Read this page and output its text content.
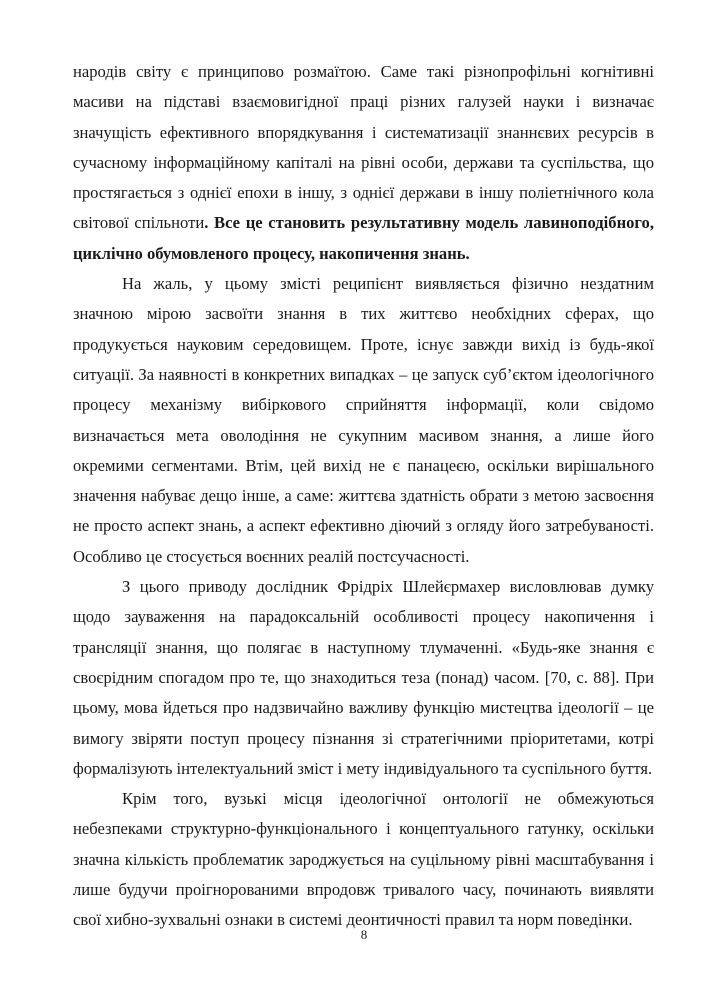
народів світу є принципово розмаїтою. Саме такі різнопрофільні когнітивні масиви на підставі взаємовигідної праці різних галузей науки і визначає значущість ефективного впорядкування і систематизації знаннєвих ресурсів в сучасному інформаційному капіталі на рівні особи, держави та суспільства, що простягається з однієї епохи в іншу, з однієї держави в іншу поліетнічного кола світової спільноти. Все це становить результативну модель лавиноподібного, циклічно обумовленого процесу, накопичення знань.

На жаль, у цьому змісті реципієнт виявляється фізично нездатним значною мірою засвоїти знання в тих життєво необхідних сферах, що продукується науковим середовищем. Проте, існує завжди вихід із будь-якої ситуації. За наявності в конкретних випадках – це запуск суб’єктом ідеологічного процесу механізму вибіркового сприйняття інформації, коли свідомо визначається мета оволодіння не сукупним масивом знання, а лише його окремими сегментами. Втім, цей вихід не є панацеєю, оскільки вирішального значення набуває дещо інше, а саме: життєва здатність обрати з метою засвоєння не просто аспект знань, а аспект ефективно діючий з огляду його затребуваності. Особливо це стосується воєнних реалій постсучасності.

З цього приводу дослідник Фрідріх Шлейєрмахер висловлював думку щодо зауваження на парадоксальній особливості процесу накопичення і трансляції знання, що полягає в наступному тлумаченні. «Будь-яке знання є своєрідним спогадом про те, що знаходиться теза (понад) часом. [70, с. 88]. При цьому, мова йдеться про надзвичайно важливу функцію мистецтва ідеології – це вимогу звіряти поступ процесу пізнання зі стратегічними пріоритетами, котрі формалізують інтелектуальний зміст і мету індивідуального та суспільного буття.

Крім того, вузькі місця ідеологічної онтології не обмежуються небезпеками структурно-функціонального і концептуального гатунку, оскільки значна кількість проблематик зароджується на суцільному рівні масштабування і лише будучи проігнорованими впродовж тривалого часу, починають виявляти свої хибно-зухвальні ознаки в системі деонтичності правил та норм поведінки.

8
